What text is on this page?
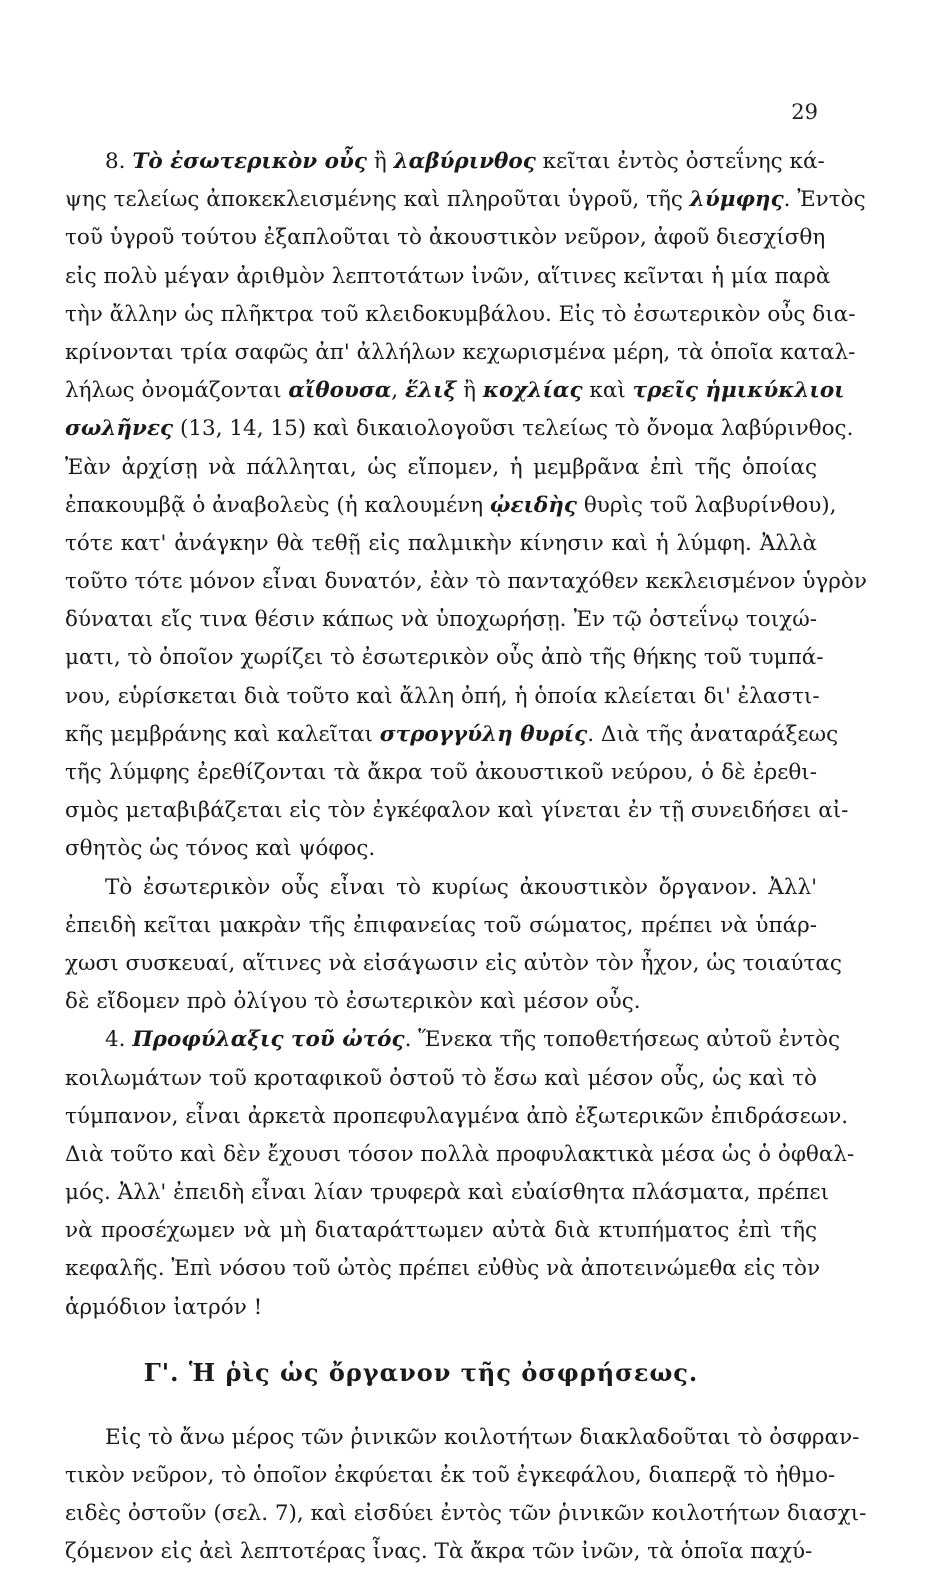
29
8. Τὸ ἐσωτερικὸν οὖς ἢ λαβύρινθος κεῖται ἐντὸς ὀστεΐνης κά-
ψης τελείως ἀποκεκλεισμένης καὶ πληροῦται ὑγροῦ, τῆς λύμφης. Ἐντὸς
τοῦ ὑγροῦ τούτου ἐξαπλοῦται τὸ ἀκουστικὸν νεῦρον, ἀφοῦ διεσχίσθη
εἰς πολὺ μέγαν ἀριθμὸν λεπτοτάτων ἰνῶν, αἵτινες κεῖνται ἡ μία παρὰ
τὴν ἄλλην ὡς πλῆκτρα τοῦ κλειδοκυμβάλου. Εἰς τὸ ἐσωτερικὸν οὖς δια-
κρίνονται τρία σαφῶς ἀπ' ἀλλήλων κεχωρισμένα μέρη, τὰ ὁποῖα καταλ-
λήλως ὀνομάζονται αἴθουσα, ἕλιξ ἢ κοχλίας καὶ τρεῖς ἡμικύκλιοι
σωλῆνες (13, 14, 15) καὶ δικαιολογοῦσι τελείως τὸ ὄνομα λαβύρινθος.
Ἐὰν ἀρχίσῃ νὰ πάλληται, ὡς εἴπομεν, ἡ μεμβρᾶνα ἐπὶ τῆς ὁποίας
ἐπακουμβᾷ ὁ ἀναβολεὺς (ἡ καλουμένη ᾠειδὴς θυρὶς τοῦ λαβυρίνθου),
τότε κατ' ἀνάγκην θὰ τεθῇ εἰς παλμικὴν κίνησιν καὶ ἡ λύμφη. Ἀλλὰ
τοῦτο τότε μόνον εἶναι δυνατόν, ἐὰν τὸ πανταχόθεν κεκλεισμένον ὑγρὸν
δύναται εἴς τινα θέσιν κάπως νὰ ὑποχωρήσῃ. Ἐν τῷ ὀστεΐνῳ τοιχώ-
ματι, τὸ ὁποῖον χωρίζει τὸ ἐσωτερικὸν οὖς ἀπὸ τῆς θήκης τοῦ τυμπά-
νου, εὑρίσκεται διὰ τοῦτο καὶ ἄλλη ὀπή, ἡ ὁποία κλείεται δι' ἐλαστι-
κῆς μεμβράνης καὶ καλεῖται στρογγύλη θυρίς. Διὰ τῆς ἀναταράξεως
τῆς λύμφης ἐρεθίζονται τὰ ἄκρα τοῦ ἀκουστικοῦ νεύρου, ὁ δὲ ἐρεθι-
σμὸς μεταβιβάζεται εἰς τὸν ἐγκέφαλον καὶ γίνεται ἐν τῇ συνειδήσει αἰ-
σθητὸς ὡς τόνος καὶ ψόφος.
Τὸ ἐσωτερικὸν οὖς εἶναι τὸ κυρίως ἀκουστικὸν ὄργανον. Ἀλλ'
ἐπειδὴ κεῖται μακρὰν τῆς ἐπιφανείας τοῦ σώματος, πρέπει νὰ ὑπάρ-
χωσι συσκευαί, αἵτινες νὰ εἰσάγωσιν εἰς αὐτὸν τὸν ἦχον, ὡς τοιαύτας
δὲ εἴδομεν πρὸ ὀλίγου τὸ ἐσωτερικὸν καὶ μέσον οὖς.
4. Προφύλαξις τοῦ ὠτός. Ἕνεκα τῆς τοποθετήσεως αὐτοῦ ἐντὸς
κοιλωμάτων τοῦ κροταφικοῦ ὀστοῦ τὸ ἔσω καὶ μέσον οὖς, ὡς καὶ τὸ
τύμπανον, εἶναι ἀρκετὰ προπεφυλαγμένα ἀπὸ ἐξωτερικῶν ἐπιδράσεων.
Διὰ τοῦτο καὶ δὲν ἔχουσι τόσον πολλὰ προφυλακτικὰ μέσα ὡς ὁ ὀφθαλ-
μός. Ἀλλ' ἐπειδὴ εἶναι λίαν τρυφερὰ καὶ εὐαίσθητα πλάσματα, πρέπει
νὰ προσέχωμεν νὰ μὴ διαταράττωμεν αὐτὰ διὰ κτυπήματος ἐπὶ τῆς
κεφαλῆς. Ἐπὶ νόσου τοῦ ὠτὸς πρέπει εὐθὺς νὰ ἀποτεινώμεθα εἰς τὸν
ἁρμόδιον ἰατρόν !
Γ'. Ἡ ῥὶς ὡς ὄργανον τῆς ὀσφρήσεως.
Εἰς τὸ ἄνω μέρος τῶν ῥινικῶν κοιλοτήτων διακλαδοῦται τὸ ὀσφραν-
τικὸν νεῦρον, τὸ ὁποῖον ἐκφύεται ἐκ τοῦ ἐγκεφάλου, διαπερᾷ τὸ ἠθμο-
ειδὲς ὀστοῦν (σελ. 7), καὶ εἰσδύει ἐντὸς τῶν ῥινικῶν κοιλοτήτων διασχι-
ζόμενον εἰς ἀεὶ λεπτοτέρας ἶνας. Τὰ ἄκρα τῶν ἰνῶν, τὰ ὁποῖα παχύ-
